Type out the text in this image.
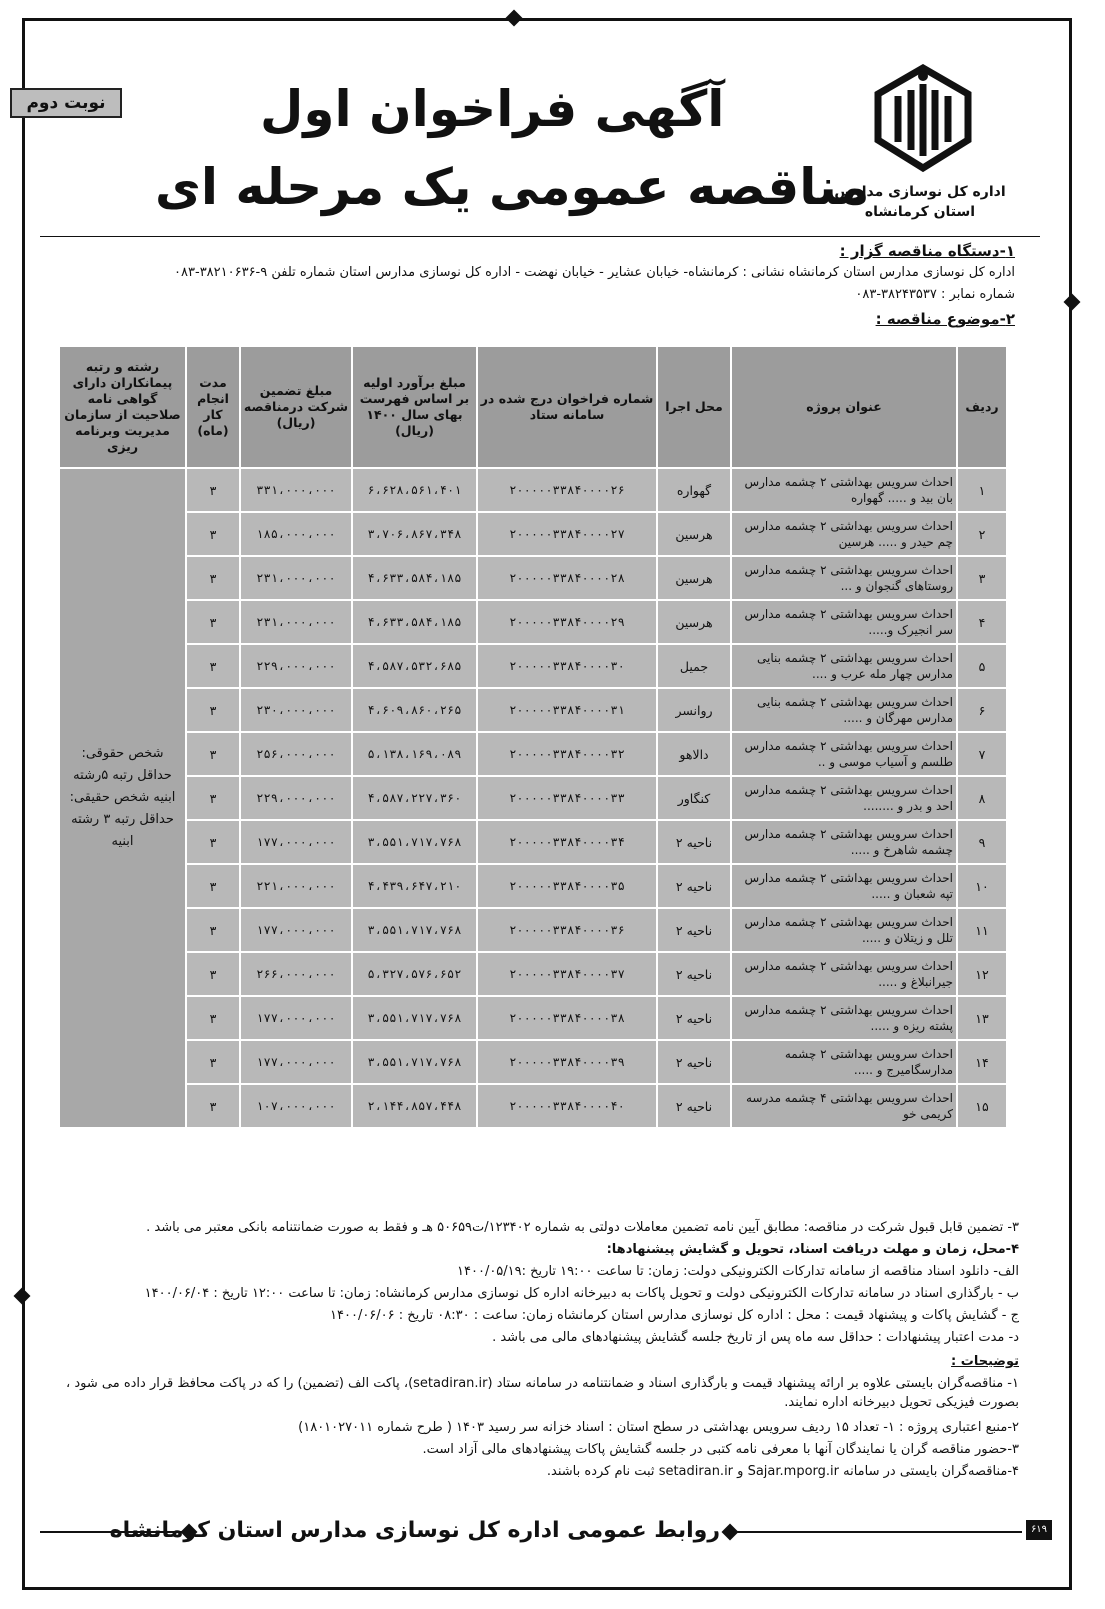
نوبت دوم	آگهی فراخوان اول
مناقصه عمومی یک مرحله ای
اداره کل نوسازی مدارس
استان کرمانشاه
۱-دستگاه مناقصه گزار :
اداره کل نوسازی مدارس استان کرمانشاه نشانی : کرمانشاه- خیابان عشایر - خیابان نهضت - اداره کل نوسازی مدارس استان شماره تلفن ۹-۳۸۲۱۰۶۳۶-۰۸۳
شماره نمابر : ۳۸۲۴۳۵۳۷-۰۸۳
۲-موضوع مناقصه :
ردیف	عنوان پروژه	محل اجرا	شماره فراخوان درج شده در سامانه ستاد	مبلغ برآورد اولیه بر اساس فهرست بهای سال ۱۴۰۰ (ریال)	مبلغ تضمین شرکت درمناقصه (ریال)	مدت انجام کار (ماه)	رشته و رتبه پیمانکاران دارای گواهی نامه صلاحیت از سازمان مدیریت وبرنامه ریزی
۱	احداث سرویس بهداشتی ۲ چشمه مدارس بان بید و ..... گهواره	گهواره	۲۰۰۰۰۰۳۳۸۴۰۰۰۰۲۶	۶،۶۲۸،۵۶۱،۴۰۱	۳۳۱،۰۰۰،۰۰۰	۳	شخص حقوقی: حداقل رتبه ۵رشته ابنیه شخص حقیقی: حداقل رتبه ۳ رشته ابنیه
۲	احداث سرویس بهداشتی ۲ چشمه مدارس چم حیدر و ..... هرسین	هرسین	۲۰۰۰۰۰۳۳۸۴۰۰۰۰۲۷	۳،۷۰۶،۸۶۷،۳۴۸	۱۸۵،۰۰۰،۰۰۰	۳	
۳	احداث سرویس بهداشتی ۲ چشمه مدارس روستاهای گنجوان و ...	هرسین	۲۰۰۰۰۰۳۳۸۴۰۰۰۰۲۸	۴،۶۳۳،۵۸۴،۱۸۵	۲۳۱،۰۰۰،۰۰۰	۳	
۴	احداث سرویس بهداشتی ۲ چشمه مدارس سر انجیرک و.....	هرسین	۲۰۰۰۰۰۳۳۸۴۰۰۰۰۲۹	۴،۶۳۳،۵۸۴،۱۸۵	۲۳۱،۰۰۰،۰۰۰	۳	
۵	احداث سرویس بهداشتی ۲ چشمه بنایی مدارس چهار مله عرب و ....	جمیل	۲۰۰۰۰۰۳۳۸۴۰۰۰۰۳۰	۴،۵۸۷،۵۳۲،۶۸۵	۲۲۹،۰۰۰،۰۰۰	۳	
۶	احداث سرویس بهداشتی ۲ چشمه بنایی مدارس مهرگان و .....	روانسر	۲۰۰۰۰۰۳۳۸۴۰۰۰۰۳۱	۴،۶۰۹،۸۶۰،۲۶۵	۲۳۰،۰۰۰،۰۰۰	۳	
۷	احداث سرویس بهداشتی ۲ چشمه مدارس طلسم و آسیاب موسی و ..	دالاهو	۲۰۰۰۰۰۳۳۸۴۰۰۰۰۳۲	۵،۱۳۸،۱۶۹،۰۸۹	۲۵۶،۰۰۰،۰۰۰	۳	
۸	احداث سرویس بهداشتی ۲ چشمه مدارس احد و بدر و ........	کنگاور	۲۰۰۰۰۰۳۳۸۴۰۰۰۰۳۳	۴،۵۸۷،۲۲۷،۳۶۰	۲۲۹،۰۰۰،۰۰۰	۳	
۹	احداث سرویس بهداشتی ۲ چشمه مدارس چشمه شاهرخ و .....	ناحیه ۲	۲۰۰۰۰۰۳۳۸۴۰۰۰۰۳۴	۳،۵۵۱،۷۱۷،۷۶۸	۱۷۷،۰۰۰،۰۰۰	۳	
۱۰	احداث سرویس بهداشتی ۲ چشمه مدارس تپه شعبان و .....	ناحیه ۲	۲۰۰۰۰۰۳۳۸۴۰۰۰۰۳۵	۴،۴۳۹،۶۴۷،۲۱۰	۲۲۱،۰۰۰،۰۰۰	۳	
۱۱	احداث سرویس بهداشتی ۲ چشمه مدارس تلل و زیتلان و .....	ناحیه ۲	۲۰۰۰۰۰۳۳۸۴۰۰۰۰۳۶	۳،۵۵۱،۷۱۷،۷۶۸	۱۷۷،۰۰۰،۰۰۰	۳	
۱۲	احداث سرویس بهداشتی ۲ چشمه مدارس جیرانبلاغ و .....	ناحیه ۲	۲۰۰۰۰۰۳۳۸۴۰۰۰۰۳۷	۵،۳۲۷،۵۷۶،۶۵۲	۲۶۶،۰۰۰،۰۰۰	۳	
۱۳	احداث سرویس بهداشتی ۲ چشمه مدارس پشته ریزه و .....	ناحیه ۲	۲۰۰۰۰۰۳۳۸۴۰۰۰۰۳۸	۳،۵۵۱،۷۱۷،۷۶۸	۱۷۷،۰۰۰،۰۰۰	۳	
۱۴	احداث سرویس بهداشتی ۲ چشمه مدارسگامیرج و .....	ناحیه ۲	۲۰۰۰۰۰۳۳۸۴۰۰۰۰۳۹	۳،۵۵۱،۷۱۷،۷۶۸	۱۷۷،۰۰۰،۰۰۰	۳	
۱۵	احداث سرویس بهداشتی ۴ چشمه مدرسه کریمی خو	ناحیه ۲	۲۰۰۰۰۰۳۳۸۴۰۰۰۰۴۰	۲،۱۴۴،۸۵۷،۴۴۸	۱۰۷،۰۰۰،۰۰۰	۳	
۳- تضمین قابل قبول شرکت در مناقصه: مطابق آیین نامه تضمین معاملات دولتی به شماره ۱۲۳۴۰۲/ت۵۰۶۵۹ هـ و فقط به صورت ضمانتنامه بانکی معتبر می باشد .
۴-محل، زمان و مهلت دریافت اسناد، تحویل و گشایش پیشنهادها:
الف- دانلود اسناد مناقصه از سامانه تدارکات الکترونیکی دولت: زمان: تا ساعت ۱۹:۰۰ تاریخ :۱۴۰۰/۰۵/۱۹
ب - بارگذاری اسناد در سامانه تدارکات الکترونیکی دولت و تحویل پاکات به دبیرخانه اداره کل نوسازی مدارس کرمانشاه: زمان: تا ساعت ۱۲:۰۰ تاریخ : ۱۴۰۰/۰۶/۰۴
ج - گشایش پاکات و پیشنهاد قیمت : محل : اداره کل نوسازی مدارس استان کرمانشاه زمان: ساعت : ۰۸:۳۰ تاریخ : ۱۴۰۰/۰۶/۰۶
د- مدت اعتبار پیشنهادات : حداقل سه ماه پس از تاریخ جلسه گشایش پیشنهادهای مالی می باشد .
توضیحات :
۱- مناقصه‌گران بایستی علاوه بر ارائه پیشنهاد قیمت و بارگذاری اسناد و ضمانتنامه در سامانه ستاد (setadiran.ir)، پاکت الف (تضمین) را که در پاکت محافظ قرار داده می شود ، بصورت فیزیکی تحویل دبیرخانه اداره نمایند.
۲-منبع اعتباری پروژه : ۱- تعداد ۱۵ ردیف سرویس بهداشتی در سطح استان : اسناد خزانه سر رسید ۱۴۰۳ ( طرح شماره ۱۸۰۱۰۲۷۰۱۱)
۳-حضور مناقصه گران یا نمایندگان آنها با معرفی نامه کتبی در جلسه گشایش پاکات پیشنهادهای مالی آزاد است.
۴-مناقصه‌گران بایستی در سامانه Sajar.mporg.ir و setadiran.ir ثبت نام کرده باشند.
روابط عمومی اداره کل نوسازی مدارس استان کرمانشاه	۶۱۹
